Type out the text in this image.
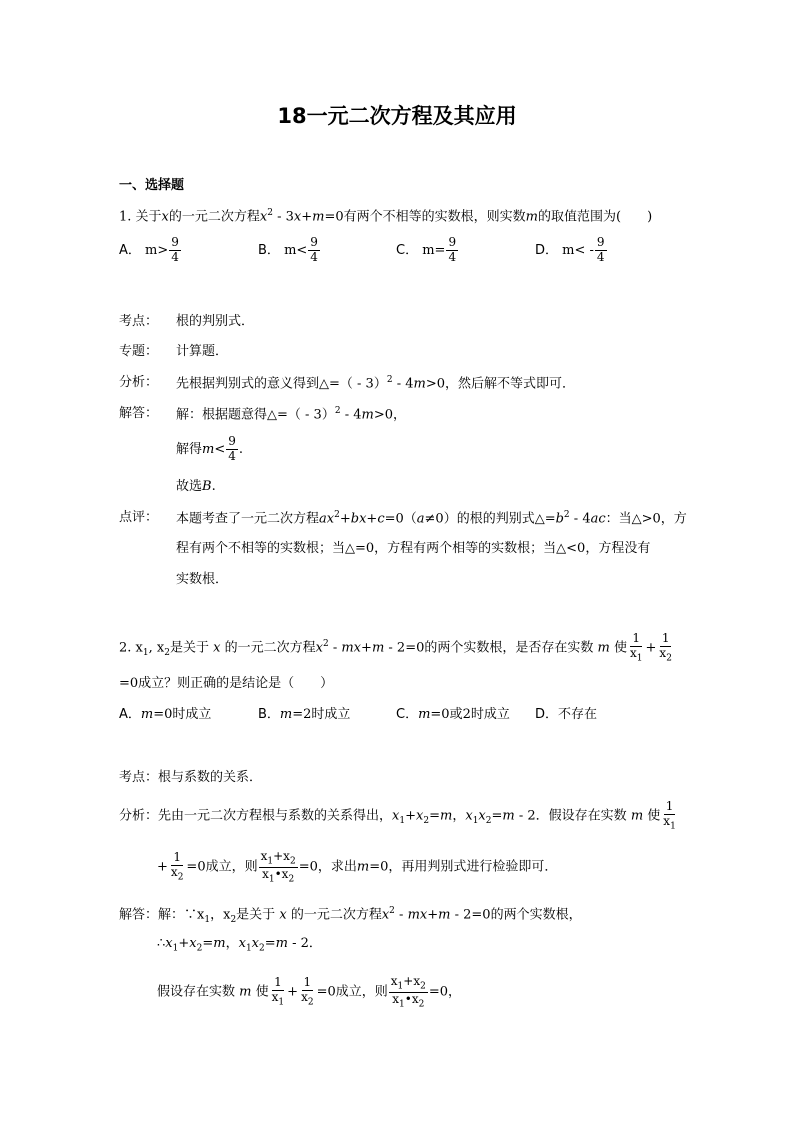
18一元二次方程及其应用
一、选择题
1. 关于x的一元二次方程$x^2 - 3x+m=0$有两个不相等的实数根，则实数m的取值范围为(　　)
A． $m> \frac{9}{4}$	B． $m< \frac{9}{4}$	C． $m= \frac{9}{4}$	D． $m< - \frac{9}{4}$
考点： 根的判别式．
专题： 计算题．
分析： 先根据判别式的意义得到△=（ - 3）$^2$ - 4m>0，然后解不等式即可．
解答： 解：根据题意得△=（ - 3）$^2$ - 4m>0，
解得$m< \frac{9}{4}$ .
故选B.
点评： 本题考查了一元二次方程$ax^2+bx+c=0(a\ne 0)$的根的判别式$\triangle=b^2 - 4ac$：当△>0，方
程有两个不相等的实数根；当△=0，方程有两个相等的实数根；当△<0，方程没有
实数根．
2. $x_1$, $x_2$是关于 x 的一元二次方程$x^2 - mx+m - 2=0$的两个实数根，是否存在实数 m 使 $\frac{1}{x_1} + \frac{1}{x_2}$
=0成立？则正确的是结论是（　　）
A．m=0时成立	B．m=2时成立	C．m=0或2时成立 D．不存在
考点：根与系数的关系．
分析：先由一元二次方程根与系数的关系得出，$x_1+x_2=m$，$x_1x_2=m - 2$．假设存在实数 m 使 $\frac{1}{x_1}$
+ $\frac{1}{x_2} =0$成立，则 $\frac{x_1+x_2}{x_1•x_2} =0$，求出m=0，再用判别式进行检验即可．
解答：解：$\because x_1$，$x_2$是关于 x 的一元二次方程$x^2 - mx+m - 2=0$的两个实数根，
$\therefore x_1+x_2=m$，$x_1x_2=m - 2$．
假设存在实数 m 使 $\frac{1}{x_1} + \frac{1}{x_2} =0$成立，则 $\frac{x_1+x_2}{x_1•x_2} =0$，
